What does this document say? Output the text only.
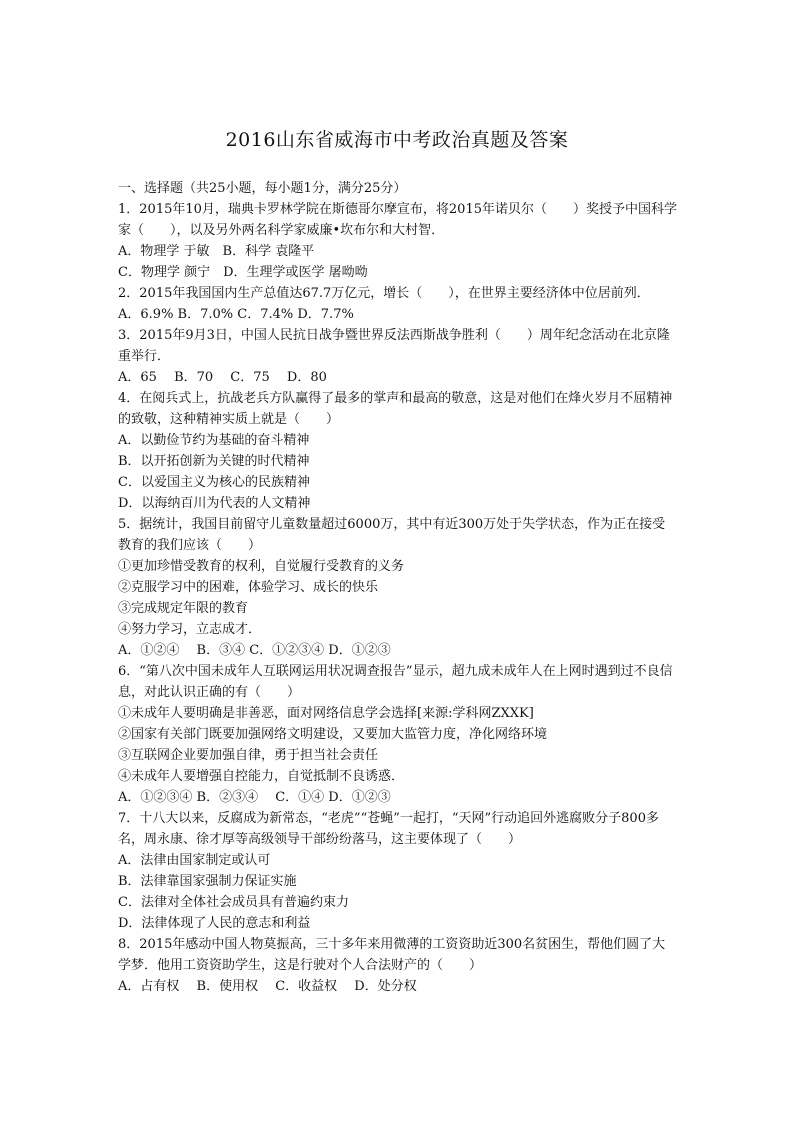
2016山东省威海市中考政治真题及答案
一、选择题（共25小题，每小题1分，满分25分）
1．2015年10月，瑞典卡罗林学院在斯德哥尔摩宣布，将2015年诺贝尔（　　）奖授予中国科学家（　　），以及另外两名科学家威廉•坎布尔和大村智．
A．物理学 于敏　B．科学 袁隆平
C．物理学 颜宁　D．生理学或医学 屠呦呦
2．2015年我国国内生产总值达67.7万亿元，增长（　　），在世界主要经济体中位居前列．
A．6.9% B．7.0% C．7.4% D．7.7%
3．2015年9月3日，中国人民抗日战争暨世界反法西斯战争胜利（　　）周年纪念活动在北京隆重举行．
A．65　 B．70　 C．75　 D．80
4．在阅兵式上，抗战老兵方队赢得了最多的掌声和最高的敬意，这是对他们在烽火岁月不屈精神的致敬，这种精神实质上就是（　　）
A．以勤俭节约为基础的奋斗精神
B．以开拓创新为关键的时代精神
C．以爱国主义为核心的民族精神
D．以海纳百川为代表的人文精神
5．据统计，我国目前留守儿童数量超过6000万，其中有近300万处于失学状态，作为正在接受教育的我们应该（　　）
①更加珍惜受教育的权利，自觉履行受教育的义务
②克服学习中的困难，体验学习、成长的快乐
③完成规定年限的教育
④努力学习，立志成才．
A．①②④　 B．③④ C．①②③④ D．①②③
6．“第八次中国未成年人互联网运用状况调查报告”显示，超九成未成年人在上网时遇到过不良信息，对此认识正确的有（　　）
①未成年人要明确是非善恶，面对网络信息学会选择[来源:学科网ZXXK]
②国家有关部门既要加强网络文明建设，又要加大监管力度，净化网络环境
③互联网企业要加强自律，勇于担当社会责任
④未成年人要增强自控能力，自觉抵制不良诱惑．
A．①②③④ B．②③④　 C．①④ D．①②③
7．十八大以来，反腐成为新常态，“老虎”“苍蝇”一起打，“天网”行动追回外逃腐败分子800多名，周永康、徐才厚等高级领导干部纷纷落马，这主要体现了（　　）
A．法律由国家制定或认可
B．法律靠国家强制力保证实施
C．法律对全体社会成员具有普遍约束力
D．法律体现了人民的意志和利益
8．2015年感动中国人物莫振高，三十多年来用微薄的工资资助近300名贫困生，帮他们圆了大学梦．他用工资资助学生，这是行驶对个人合法财产的（　　）
A．占有权　 B．使用权　 C．收益权　 D．处分权
